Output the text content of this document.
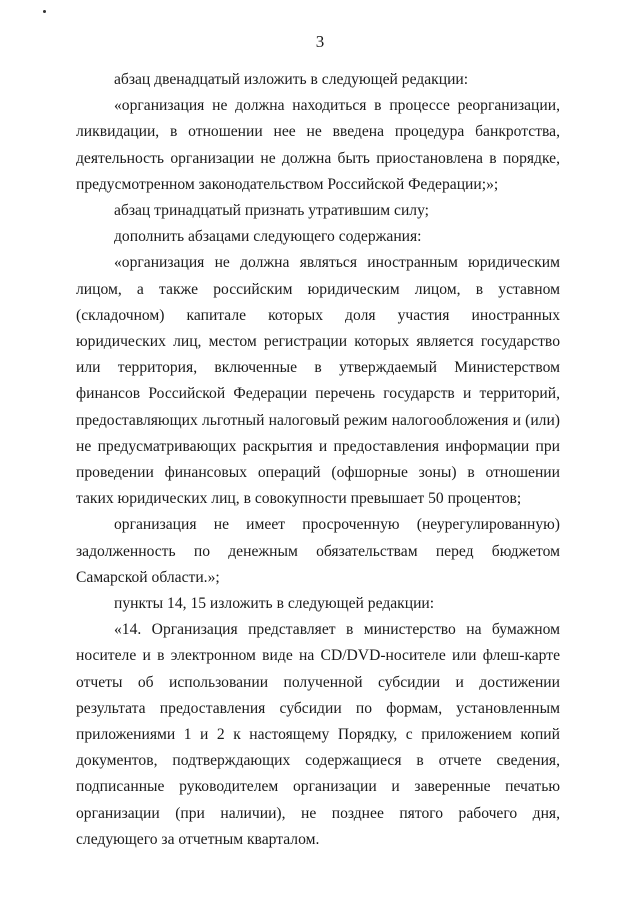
3

абзац двенадцатый изложить в следующей редакции:

«организация не должна находиться в процессе реорганизации, ликвидации, в отношении нее не введена процедура банкротства, деятельность организации не должна быть приостановлена в порядке, предусмотренном законодательством Российской Федерации;»;

абзац тринадцатый признать утратившим силу;

дополнить абзацами следующего содержания:

«организация не должна являться иностранным юридическим лицом, а также российским юридическим лицом, в уставном (складочном) капитале которых доля участия иностранных юридических лиц, местом регистрации которых является государство или территория, включенные в утверждаемый Министерством финансов Российской Федерации перечень государств и территорий, предоставляющих льготный налоговый режим налогообложения и (или) не предусматривающих раскрытия и предоставления информации при проведении финансовых операций (офшорные зоны) в отношении таких юридических лиц, в совокупности превышает 50 процентов;

организация не имеет просроченную (неурегулированную) задолженность по денежным обязательствам перед бюджетом Самарской области.»;

пункты 14, 15 изложить в следующей редакции:

«14. Организация представляет в министерство на бумажном носителе и в электронном виде на CD/DVD-носителе или флеш-карте отчеты об использовании полученной субсидии и достижении результата предоставления субсидии по формам, установленным приложениями 1 и 2 к настоящему Порядку, с приложением копий документов, подтверждающих содержащиеся в отчете сведения, подписанные руководителем организации и заверенные печатью организации (при наличии), не позднее пятого рабочего дня, следующего за отчетным кварталом.
